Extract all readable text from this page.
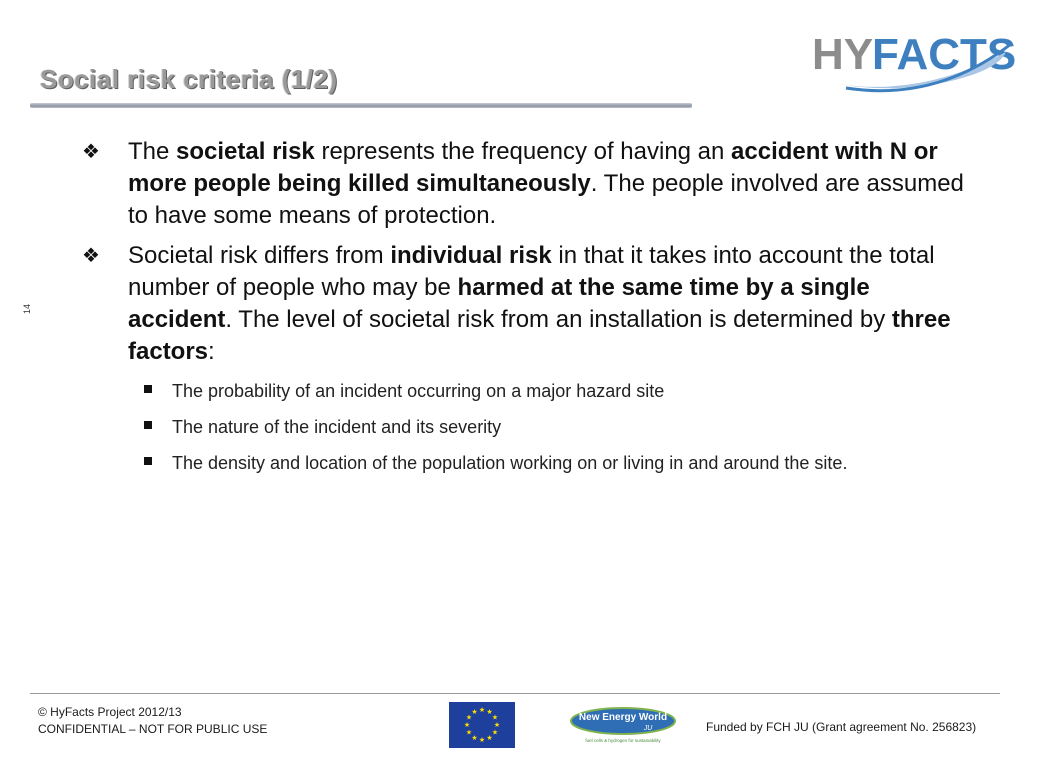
Social risk criteria (1/2)	HY
FACTS
14
❖	The societal risk represents the frequency of having an accident with N or more people being killed simultaneously. The people involved are assumed to have some means of protection.
❖	Societal risk differs from individual risk in that it takes into account the total number of people who may be harmed at the same time by a single accident. The level of societal risk from an installation is determined by three factors:
The probability of an incident occurring on a major hazard site
The nature of the incident and its severity
The density and location of the population working on or living in and around the site.
© HyFacts Project 2012/13
CONFIDENTIAL – NOT FOR PUBLIC USE
★ ★
★
★
★
★
★
★
★
★
★
★	New Energy World
JU
fuel cells & hydrogen for sustainability
Funded by FCH JU (Grant agreement No. 256823)
